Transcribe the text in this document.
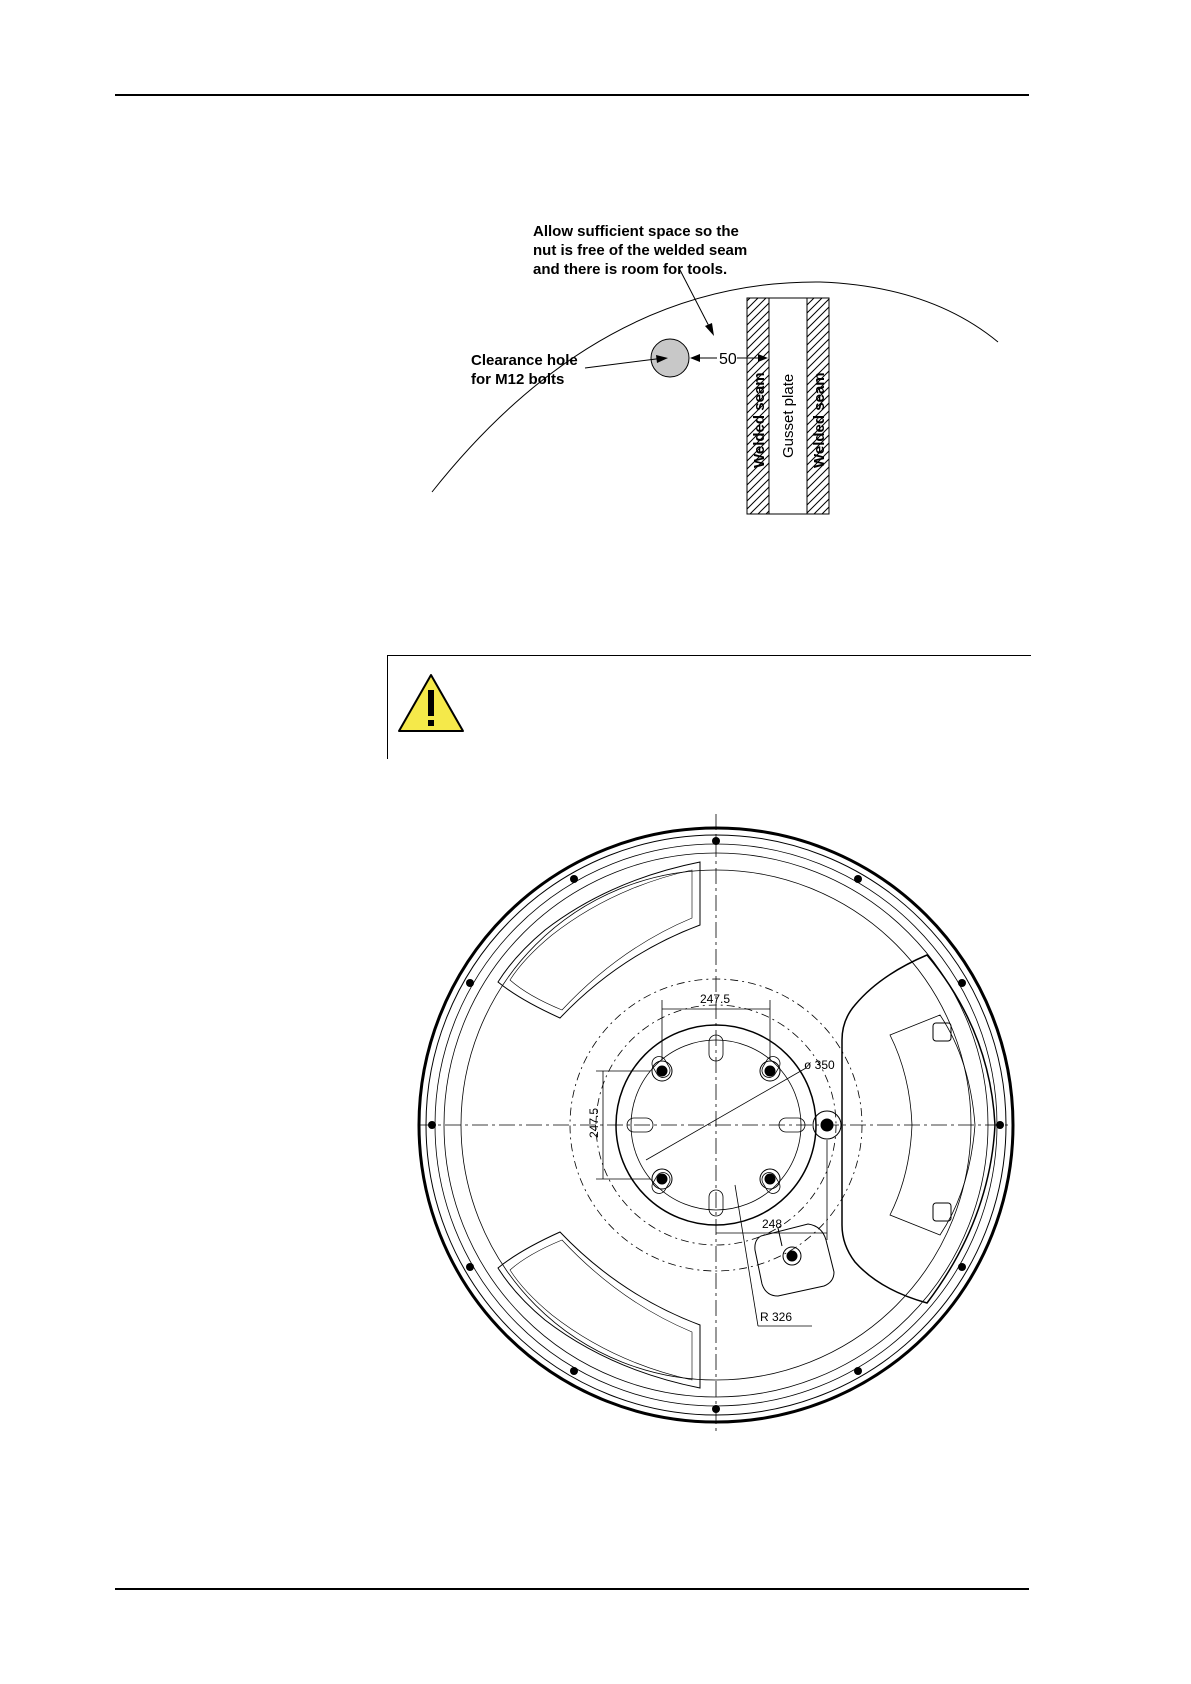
50
Allow sufficient space so the
nut is free of the welded seam
and there is room for tools.
Clearance hole
for M12 bolts	Welded seam Gusset plate Welded seam
247.5
247.5
ø 350
248
R 326
